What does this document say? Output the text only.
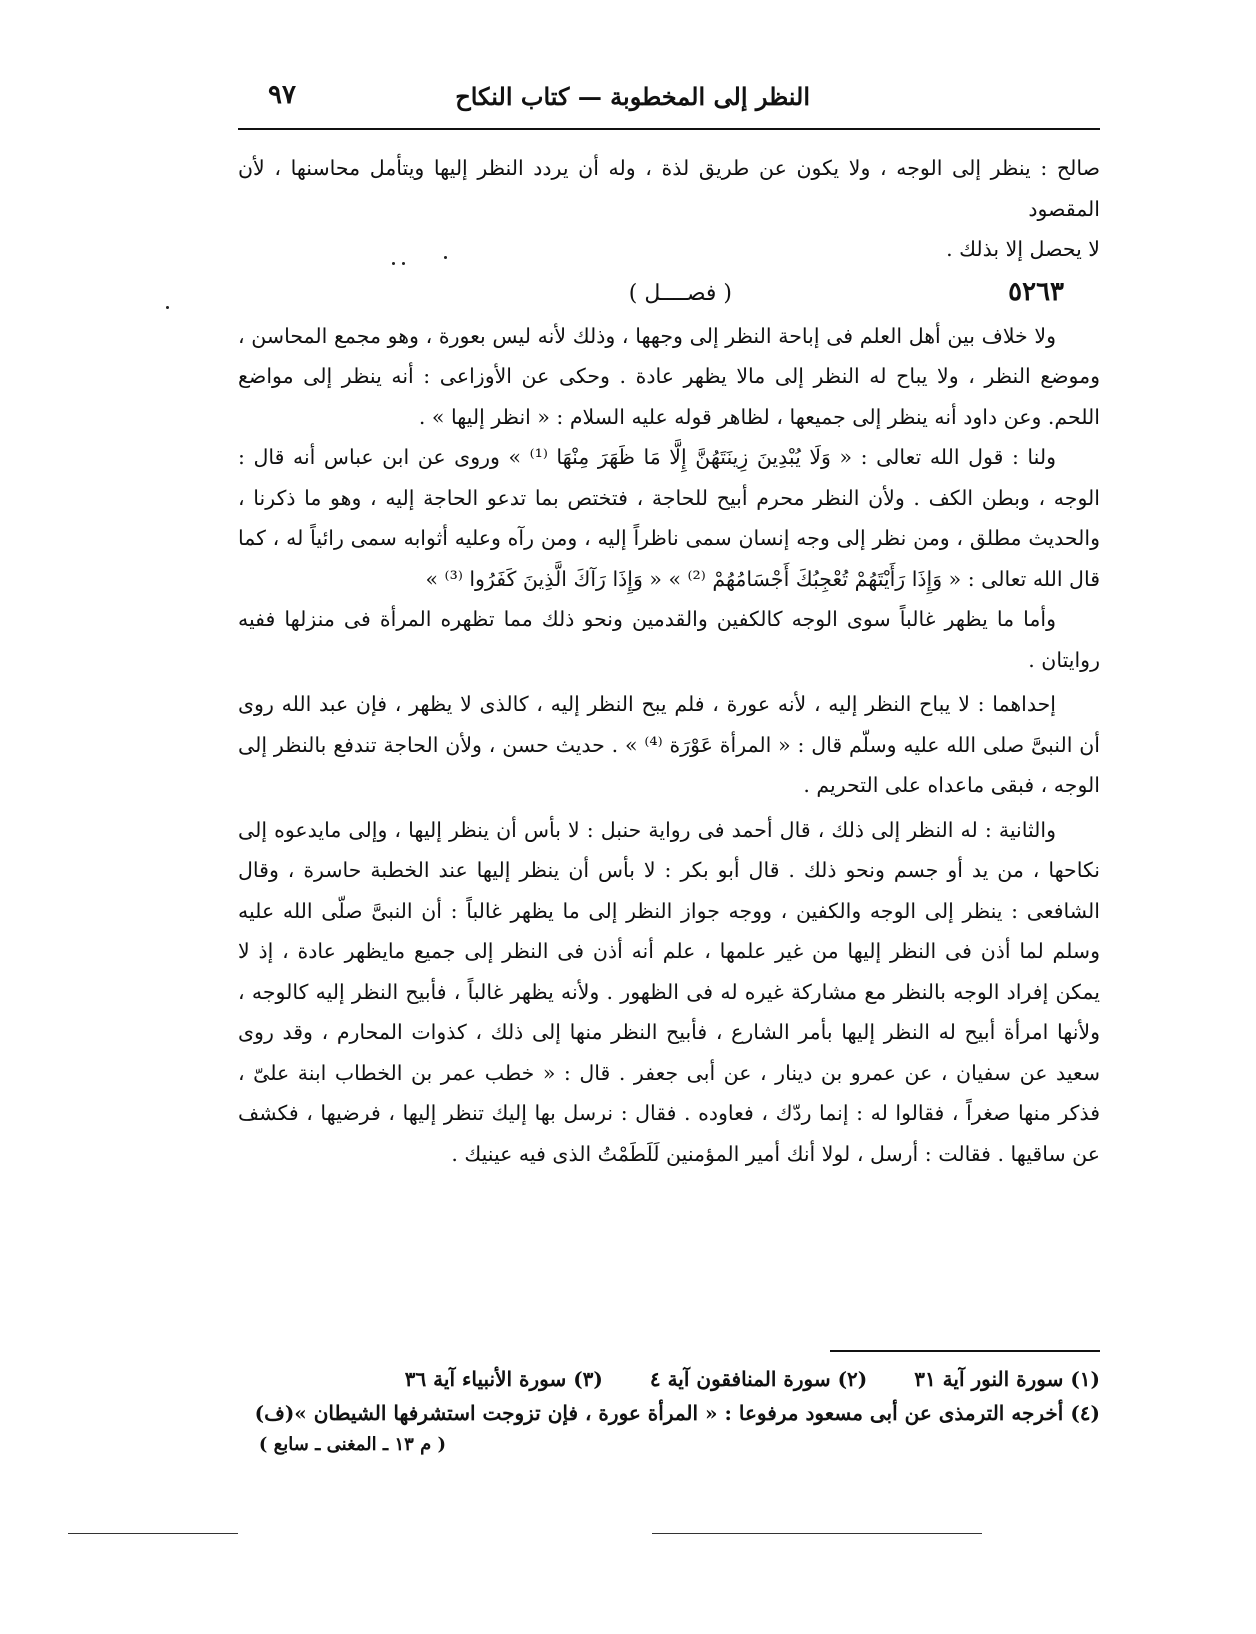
النظر إلى المخطوبة — كتاب النكاح
٩٧

صالح : ينظر إلى الوجه ، ولا يكون عن طريق لذة ، وله أن يردد النظر إليها ويتأمل محاسنها ، لأن المقصود

لا يحصل إلا بذلك .

٥٢٦٣
( فصــــل )

ولا خلاف بين أهل العلم فى إباحة النظر إلى وجهها ، وذلك لأنه ليس بعورة ، وهو مجمع المحاسن ، وموضع النظر ، ولا يباح له النظر إلى مالا يظهر عادة . وحكى عن الأوزاعى : أنه ينظر إلى مواضع اللحم. وعن داود أنه ينظر إلى جميعها ، لظاهر قوله عليه السلام : « انظر إليها » .

ولنا : قول الله تعالى : « وَلَا يُبْدِينَ زِينَتَهُنَّ إِلَّا مَا ظَهَرَ مِنْهَا ⁽¹⁾ » وروى عن ابن عباس أنه قال : الوجه ، وبطن الكف . ولأن النظر محرم أبيح للحاجة ، فتختص بما تدعو الحاجة إليه ، وهو ما ذكرنا ، والحديث مطلق ، ومن نظر إلى وجه إنسان سمى ناظراً إليه ، ومن رآه وعليه أثوابه سمى رائياً له ، كما قال الله تعالى : « وَإِذَا رَأَيْتَهُمْ تُعْجِبُكَ أَجْسَامُهُمْ ⁽²⁾ » « وَإِذَا رَآكَ الَّذِينَ كَفَرُوا ⁽³⁾ »

وأما ما يظهر غالباً سوى الوجه كالكفين والقدمين ونحو ذلك مما تظهره المرأة فى منزلها ففيه روايتان .

إحداهما : لا يباح النظر إليه ، لأنه عورة ، فلم يبح النظر إليه ، كالذى لا يظهر ، فإن عبد الله روى أن النبىَّ صلى الله عليه وسلّم قال : « المرأة عَوْرَة ⁽⁴⁾ » . حديث حسن ، ولأن الحاجة تندفع بالنظر إلى الوجه ، فبقى ماعداه على التحريم .

والثانية : له النظر إلى ذلك ، قال أحمد فى رواية حنبل : لا بأس أن ينظر إليها ، وإلى مايدعوه إلى نكاحها ، من يد أو جسم ونحو ذلك . قال أبو بكر : لا بأس أن ينظر إليها عند الخطبة حاسرة ، وقال الشافعى : ينظر إلى الوجه والكفين ، ووجه جواز النظر إلى ما يظهر غالباً : أن النبىَّ صلّى الله عليه وسلم لما أذن فى النظر إليها من غير علمها ، علم أنه أذن فى النظر إلى جميع مايظهر عادة ، إذ لا يمكن إفراد الوجه بالنظر مع مشاركة غيره له فى الظهور . ولأنه يظهر غالباً ، فأبيح النظر إليه كالوجه ، ولأنها امرأة أبيح له النظر إليها بأمر الشارع ، فأبيح النظر منها إلى ذلك ، كذوات المحارم ، وقد روى سعيد عن سفيان ، عن عمرو بن دينار ، عن أبى جعفر . قال : « خطب عمر بن الخطاب ابنة علىّ ، فذكر منها صغراً ، فقالوا له : إنما ردّك ، فعاوده . فقال : نرسل بها إليك تنظر إليها ، فرضيها ، فكشف عن ساقيها . فقالت : أرسل ، لولا أنك أمير المؤمنين لَلَطَمْتُ الذى فيه عينيك .

(١) سورة النور آية ٣١ (٢) سورة المنافقون آية ٤ (٣) سورة الأنبياء آية ٣٦
(٤) أخرجه الترمذى عن أبى مسعود مرفوعا : « المرأة عورة ، فإن تزوجت استشرفها الشيطان »(ف)
( م ١٣ ـ المغنى ـ سابع )
